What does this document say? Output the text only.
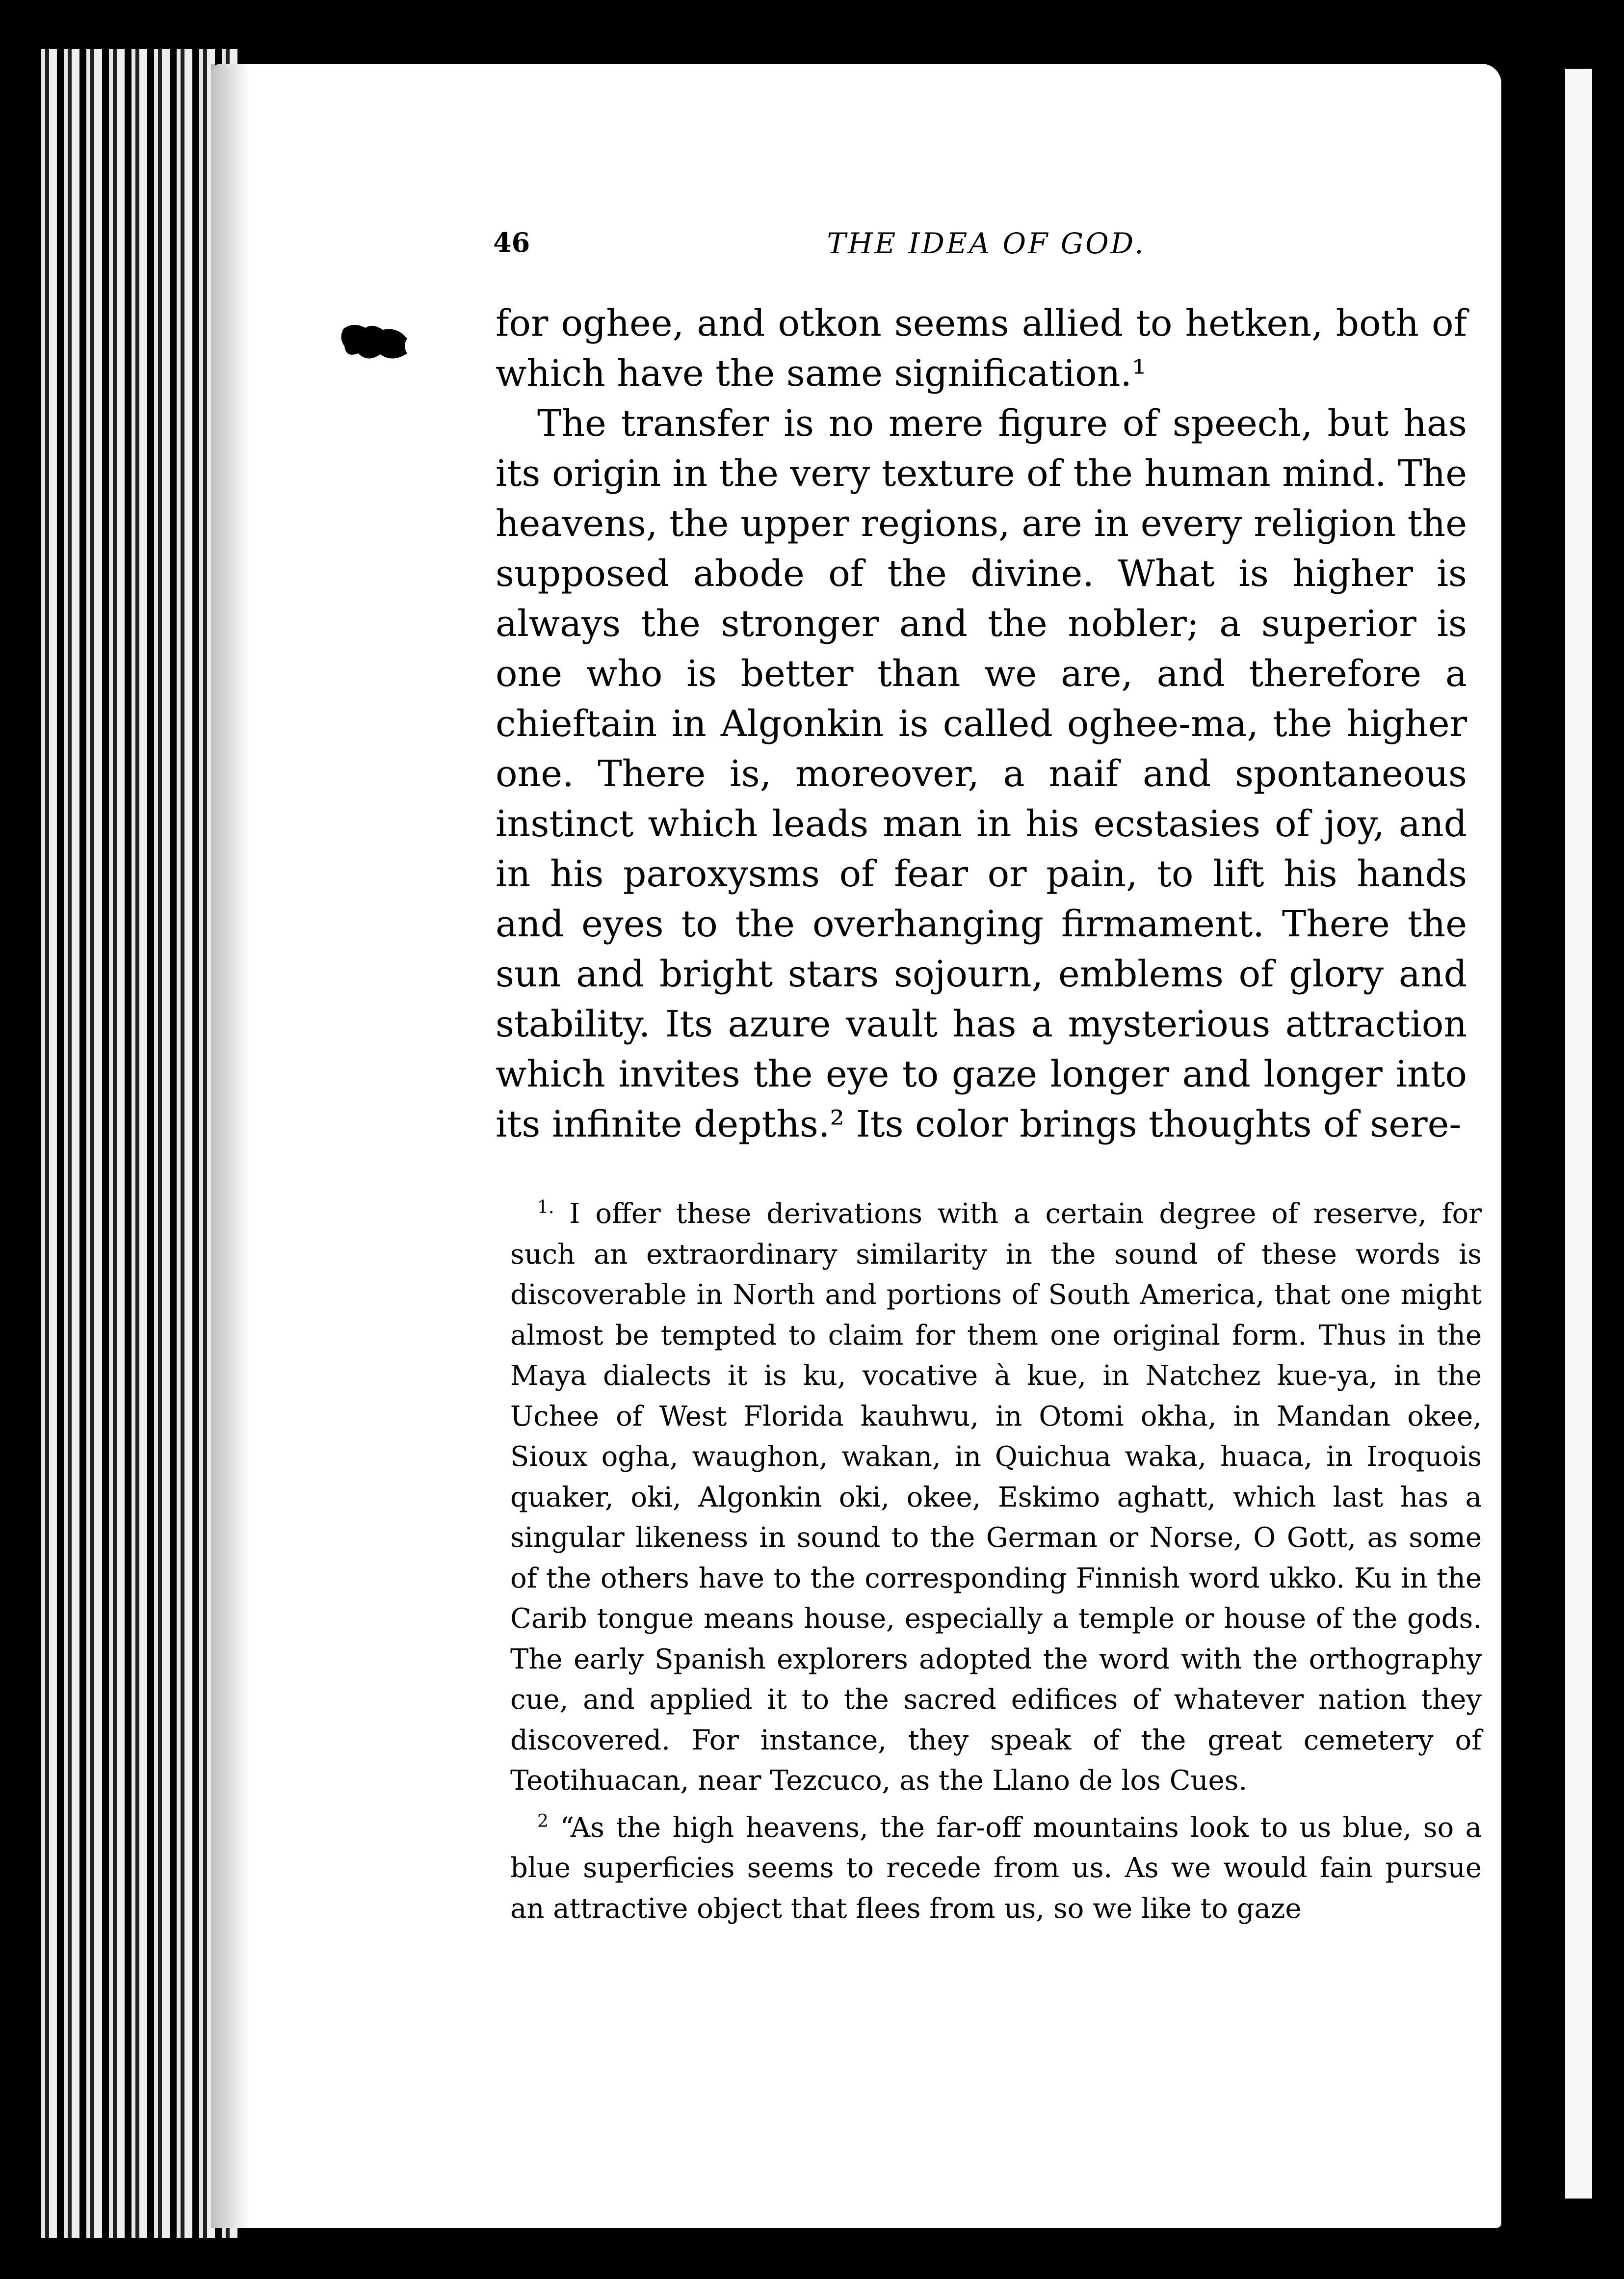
46	THE IDEA OF GOD.

for oghee, and otkon seems allied to hetken, both of which have the same signification.¹

The transfer is no mere figure of speech, but has its origin in the very texture of the human mind. The heavens, the upper regions, are in every religion the supposed abode of the divine. What is higher is always the stronger and the nobler; a superior is one who is better than we are, and therefore a chieftain in Algonkin is called oghee-ma, the higher one. There is, moreover, a naif and spontaneous instinct which leads man in his ecstasies of joy, and in his paroxysms of fear or pain, to lift his hands and eyes to the overhanging firmament. There the sun and bright stars sojourn, emblems of glory and stability. Its azure vault has a mysterious attraction which invites the eye to gaze longer and longer into its infinite depths.² Its color brings thoughts of sere-

$^{1.}$ I offer these derivations with a certain degree of reserve, for such an extraordinary similarity in the sound of these words is discoverable in North and portions of South America, that one might almost be tempted to claim for them one original form. Thus in the Maya dialects it is ku, vocative à kue, in Natchez kue-ya, in the Uchee of West Florida kauhwu, in Otomi okha, in Mandan okee, Sioux ogha, waughon, wakan, in Quichua waka, huaca, in Iroquois quaker, oki, Algonkin oki, okee, Eskimo aghatt, which last has a singular likeness in sound to the German or Norse, O Gott, as some of the others have to the corresponding Finnish word ukko. Ku in the Carib tongue means house, especially a temple or house of the gods. The early Spanish explorers adopted the word with the orthography cue, and applied it to the sacred edifices of whatever nation they discovered. For instance, they speak of the great cemetery of Teotihuacan, near Tezcuco, as the Llano de los Cues.

$^2$ “As the high heavens, the far-off mountains look to us blue, so a blue superficies seems to recede from us. As we would fain pursue an attractive object that flees from us, so we like to gaze
